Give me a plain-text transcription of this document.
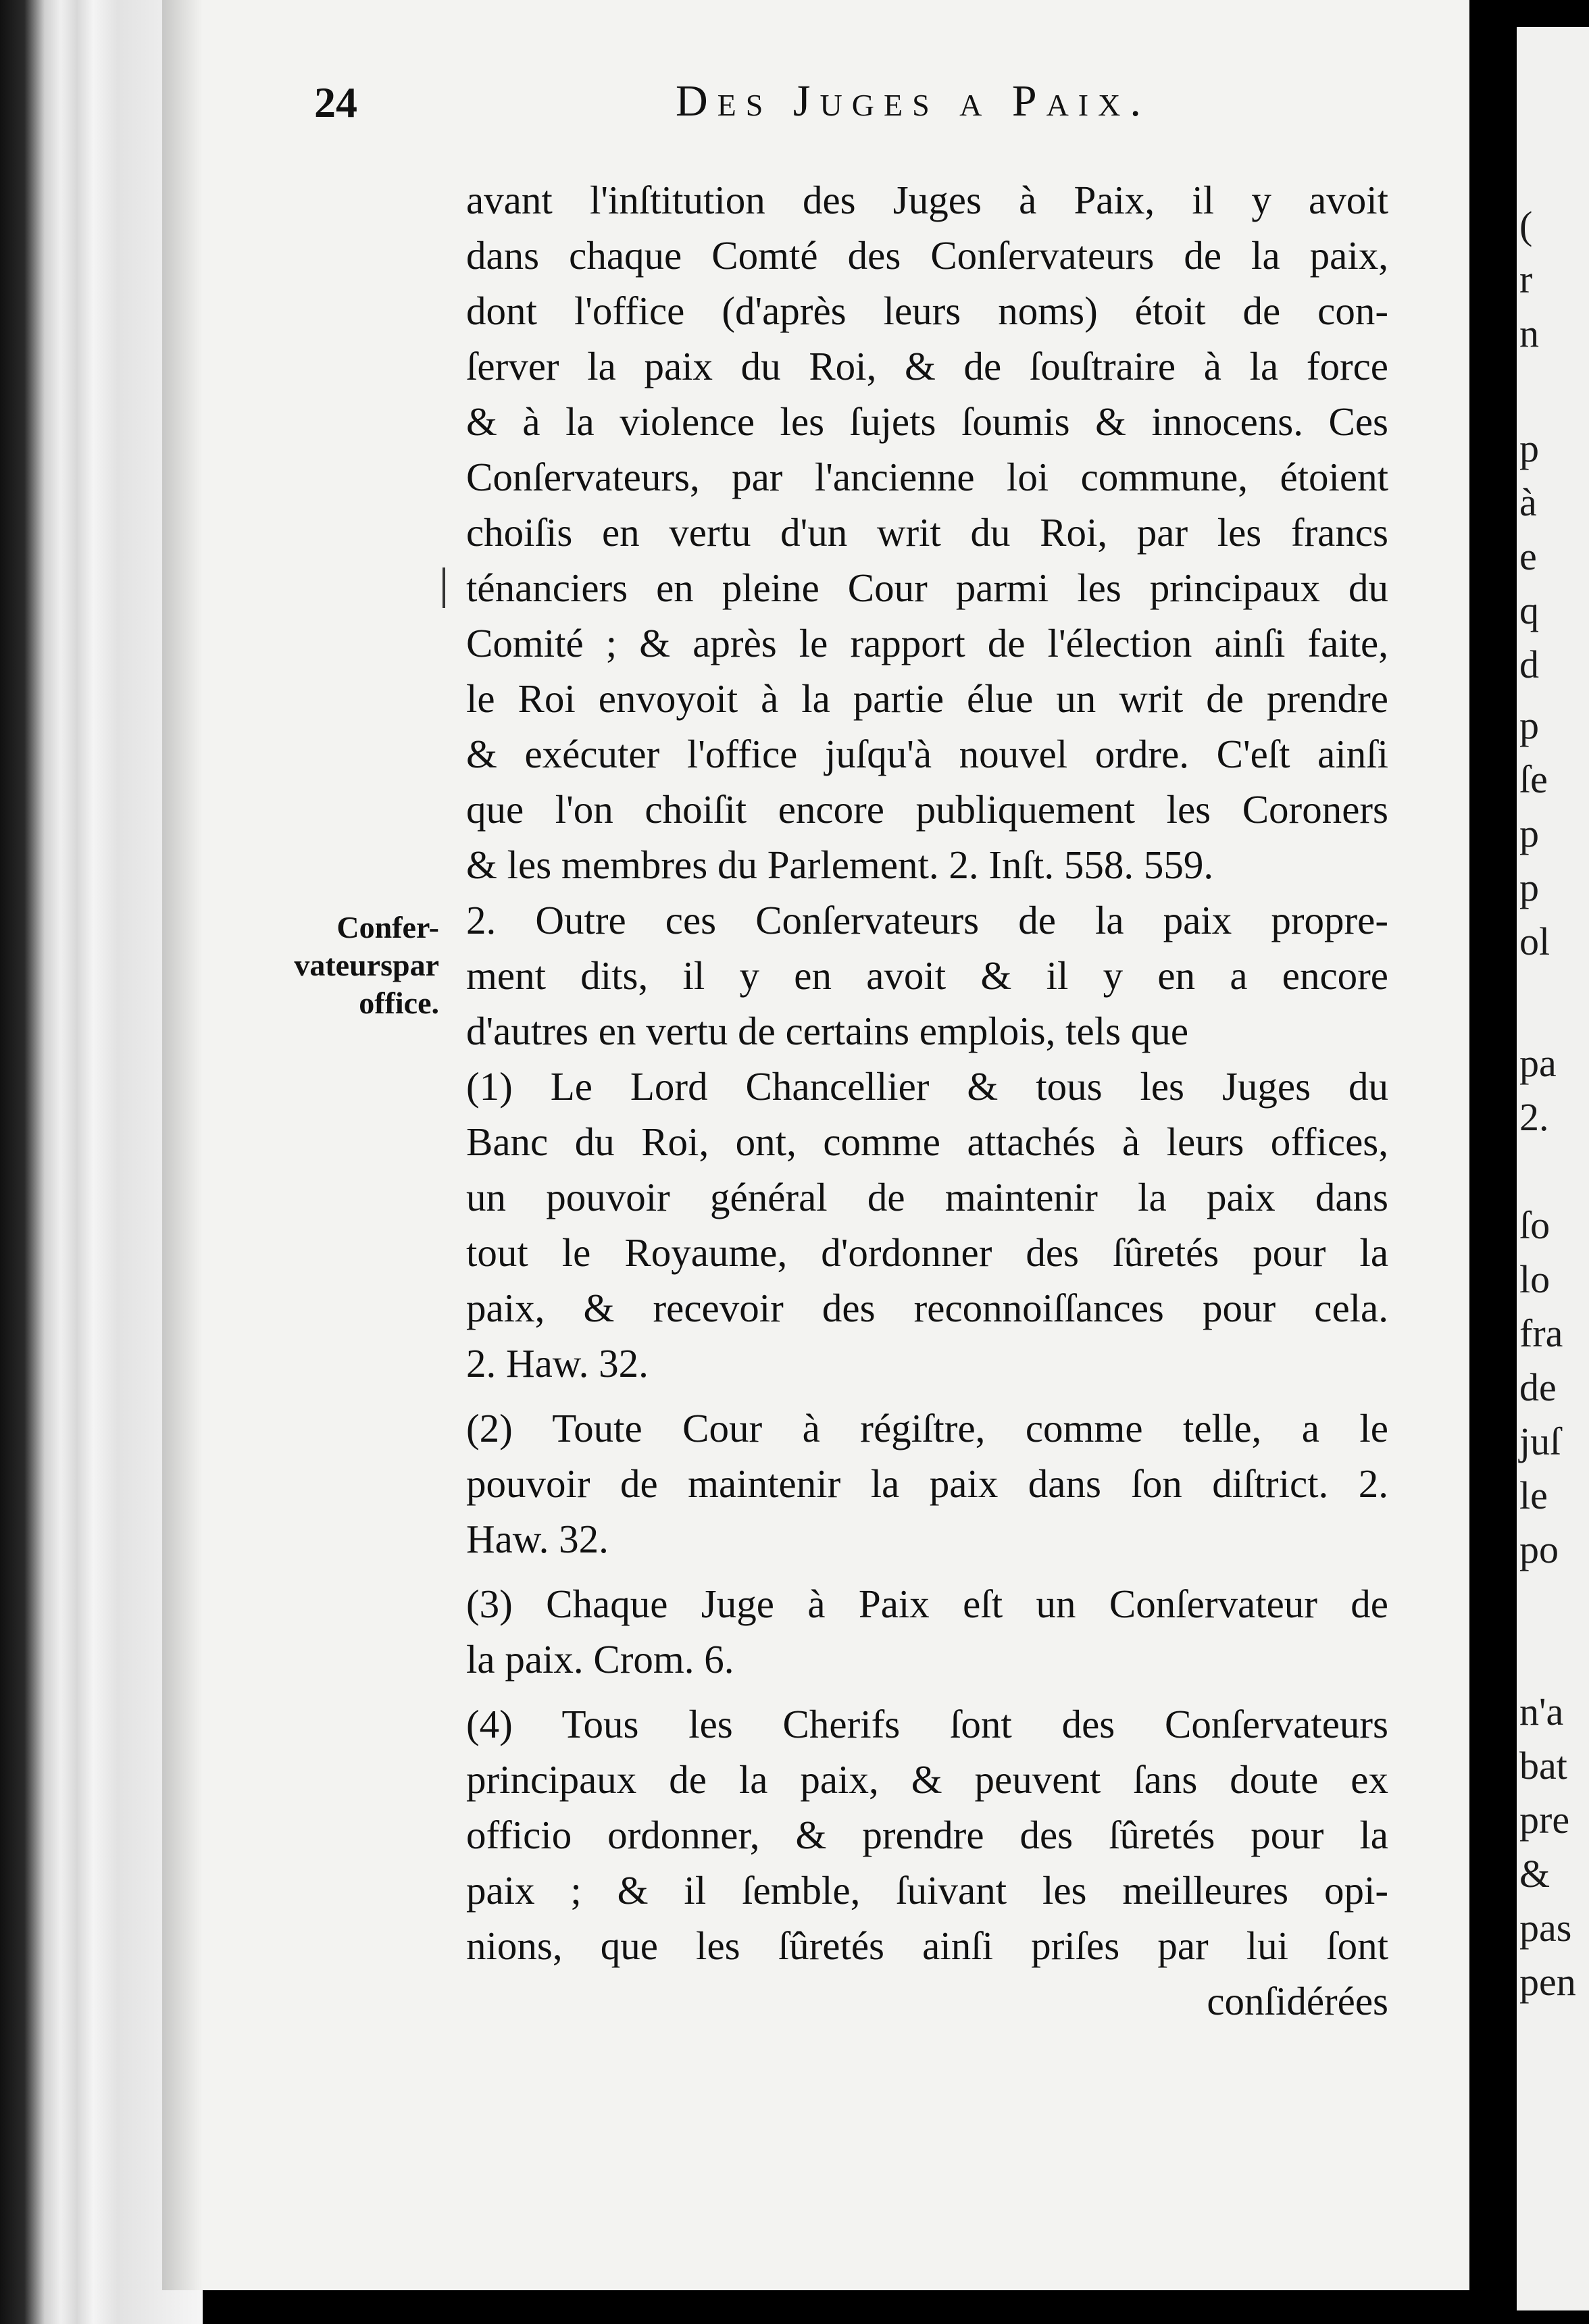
(
r
n
p
à
e
q
d
p
ſe
p
p
ol
pa
2.
ſo
lo
fra
de
juſ
le
po
n'a
bat
pre
&
pas
pen
24	Des Juges a Paix.
Confer-
vateurspar
office.
avant l'inſtitution des Juges à Paix, il y avoit
dans chaque Comté des Conſervateurs de la paix,
dont l'office (d'après leurs noms) étoit de con-
ſerver la paix du Roi, & de ſouſtraire à la force
& à la violence les ſujets ſoumis & innocens. Ces
Conſervateurs, par l'ancienne loi commune, étoient
choiſis en vertu d'un writ du Roi, par les francs
ténanciers en pleine Cour parmi les principaux du
Comité ; & après le rapport de l'élection ainſi faite,
le Roi envoyoit à la partie élue un writ de prendre
& exécuter l'office juſqu'à nouvel ordre. C'eſt ainſi
que l'on choiſit encore publiquement les Coroners
& les membres du Parlement. 2. Inſt. 558. 559.
2. Outre ces Conſervateurs de la paix propre-
ment dits, il y en avoit & il y en a encore
d'autres en vertu de certains emplois, tels que
(1) Le Lord Chancellier & tous les Juges du
Banc du Roi, ont, comme attachés à leurs offices,
un pouvoir général de maintenir la paix dans
tout le Royaume, d'ordonner des ſûretés pour la
paix, & recevoir des reconnoiſſances pour cela.
2. Haw. 32.
(2) Toute Cour à régiſtre, comme telle, a le
pouvoir de maintenir la paix dans ſon diſtrict. 2.
Haw. 32.
(3) Chaque Juge à Paix eſt un Conſervateur de
la paix. Crom. 6.
(4) Tous les Cherifs ſont des Conſervateurs
principaux de la paix, & peuvent ſans doute ex
officio ordonner, & prendre des ſûretés pour la
paix ; & il ſemble, ſuivant les meilleures opi-
nions, que les ſûretés ainſi priſes par lui ſont
conſidérées
